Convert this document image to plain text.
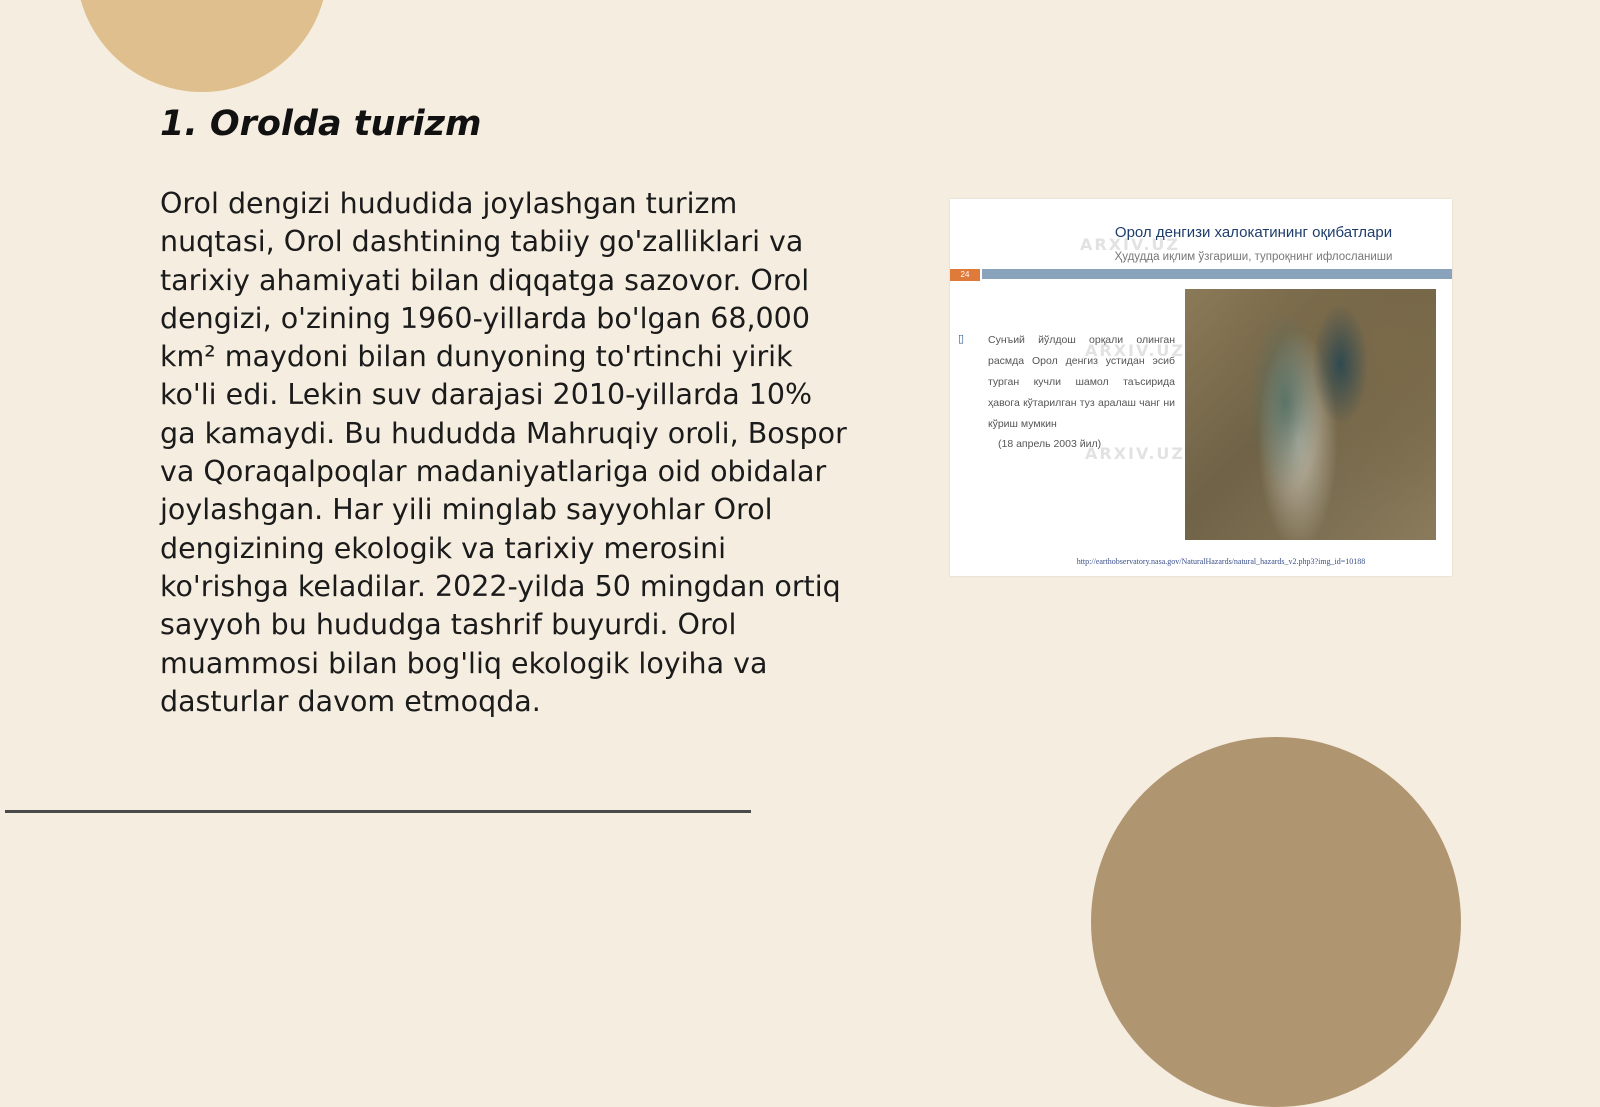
1. Orolda turizm

Orol dengizi hududida joylashgan turizm nuqtasi, Orol dashtining tabiiy go'zalliklari va tarixiy ahamiyati bilan diqqatga sazovor. Orol dengizi, o'zining 1960-yillarda bo'lgan 68,000 km² maydoni bilan dunyoning to'rtinchi yirik ko'li edi. Lekin suv darajasi 2010-yillarda 10% ga kamaydi. Bu hududda Mahruqiy oroli, Bospor va Qoraqalpoqlar madaniyatlariga oid obidalar joylashgan. Har yili minglab sayyohlar Orol dengizining ekologik va tarixiy merosini ko'rishga keladilar. 2022-yilda 50 mingdan ortiq sayyoh bu hududga tashrif buyurdi. Orol muammosi bilan bog'liq ekologik loyiha va dasturlar davom etmoqda.

Орол денгизи халокатининг оқибатлари
Ҳудудда иқлим ўзгариши, тупроқнинг ифлосланиши
24
▯ Сунъий йўлдош орқали олинган расмда Орол денгиз устидан эсиб турган кучли шамол таъсирида ҳавога кўтарилган туз аралаш чанг ни кўриш мумкин
(18 апрель 2003 йил)
http://earthobservatory.nasa.gov/NaturalHazards/natural_hazards_v2.php3?img_id=10188
ARXIV.UZ
ARXIV.UZ
ARXIV.UZ
